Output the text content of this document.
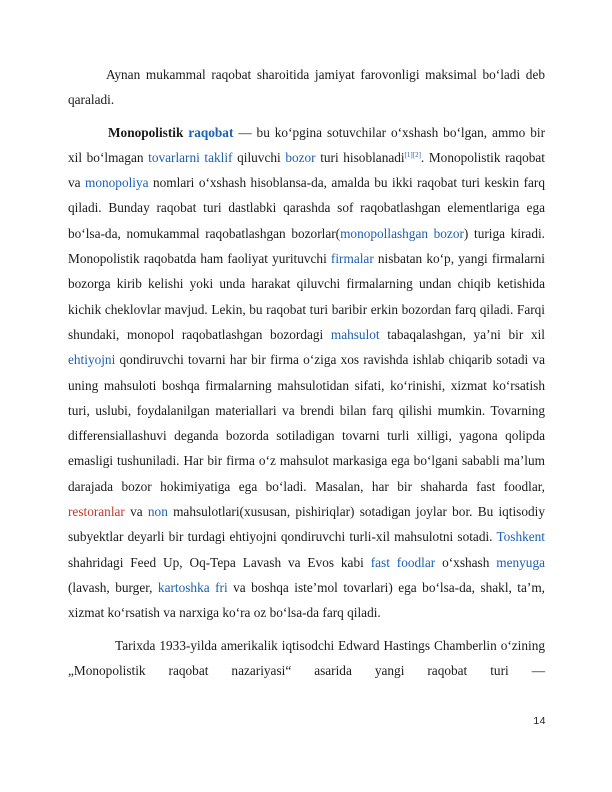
Aynan mukammal raqobat sharoitida jamiyat farovonligi maksimal bo‘ladi deb qaraladi.

Monopolistik raqobat — bu ko‘pgina sotuvchilar o‘xshash bo‘lgan, ammo bir xil bo‘lmagan tovarlarni taklif qiluvchi bozor turi hisoblanadi[1][2]. Monopolistik raqobat va monopoliya nomlari o‘xshash hisoblansa-da, amalda bu ikki raqobat turi keskin farq qiladi. Bunday raqobat turi dastlabki qarashda sof raqobatlashgan elementlariga ega bo‘lsa-da, nomukammal raqobatlashgan bozorlar(monopollashgan bozor) turiga kiradi. Monopolistik raqobatda ham faoliyat yurituvchi firmalar nisbatan ko‘p, yangi firmalarni bozorga kirib kelishi yoki unda harakat qiluvchi firmalarning undan chiqib ketishida kichik cheklovlar mavjud. Lekin, bu raqobat turi baribir erkin bozordan farq qiladi. Farqi shundaki, monopol raqobatlashgan bozordagi mahsulot tabaqalashgan, ya’ni bir xil ehtiyojni qondiruvchi tovarni har bir firma o‘ziga xos ravishda ishlab chiqarib sotadi va uning mahsuloti boshqa firmalarning mahsulotidan sifati, ko‘rinishi, xizmat ko‘rsatish turi, uslubi, foydalanilgan materiallari va brendi bilan farq qilishi mumkin. Tovarning differensiallashuvi deganda bozorda sotiladigan tovarni turli xilligi, yagona qolipda emasligi tushuniladi. Har bir firma o‘z mahsulot markasiga ega bo‘lgani sababli ma’lum darajada bozor hokimiyatiga ega bo‘ladi. Masalan, har bir shaharda fast foodlar, restoranlar va non mahsulotlari(xususan, pishiriqlar) sotadigan joylar bor. Bu iqtisodiy subyektlar deyarli bir turdagi ehtiyojni qondiruvchi turli-xil mahsulotni sotadi. Toshkent shahridagi Feed Up, Oq-Tepa Lavash va Evos kabi fast foodlar o‘xshash menyuga (lavash, burger, kartoshka fri va boshqa iste’mol tovarlari) ega bo‘lsa-da, shakl, ta’m, xizmat ko‘rsatish va narxiga ko‘ra oz bo‘lsa-da farq qiladi.

Tarixda 1933-yilda amerikalik iqtisodchi Edward Hastings Chamberlin o‘zining „Monopolistik raqobat nazariyasi“ asarida yangi raqobat turi —

14
